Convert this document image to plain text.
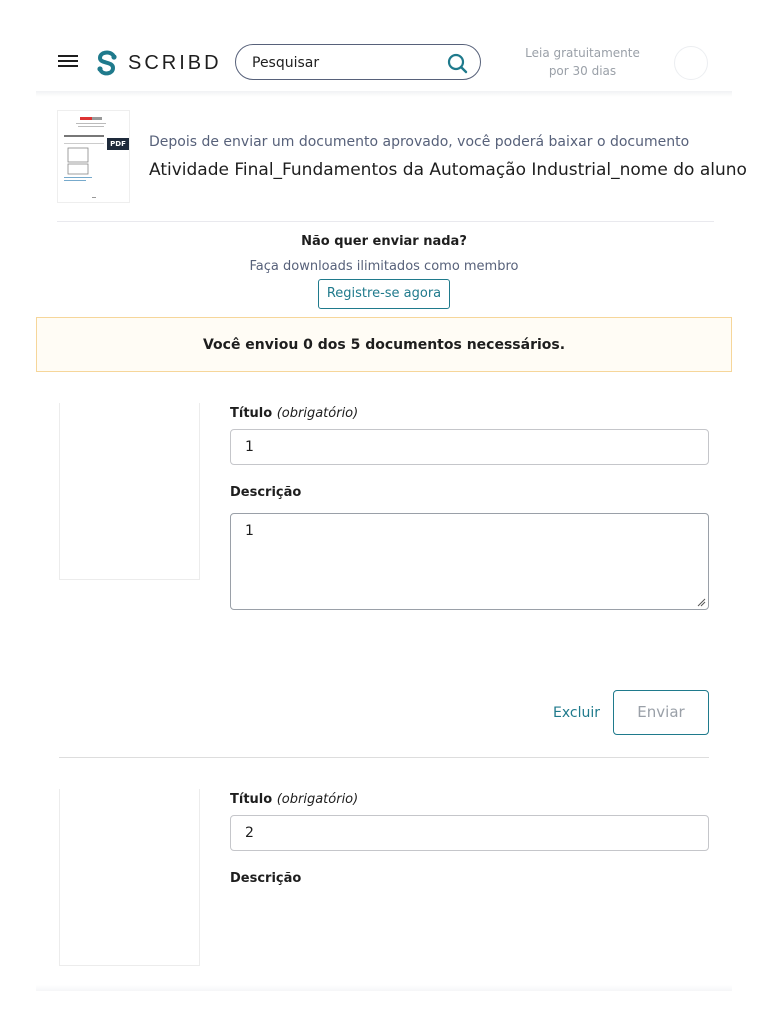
SCRIBD Pesquisar
Leia gratuitamente
por 30 dias
PDF Depois de enviar um documento aprovado, você poderá baixar o documento
Atividade Final_Fundamentos da Automação Industrial_nome do aluno
Não quer enviar nada?
Faça downloads ilimitados como membro
Registre-se agora
Você enviou 0 dos 5 documentos necessários.
Título (obrigatório)
1
Descrição
1
Excluir	Enviar
Título (obrigatório)
2
Descrição
